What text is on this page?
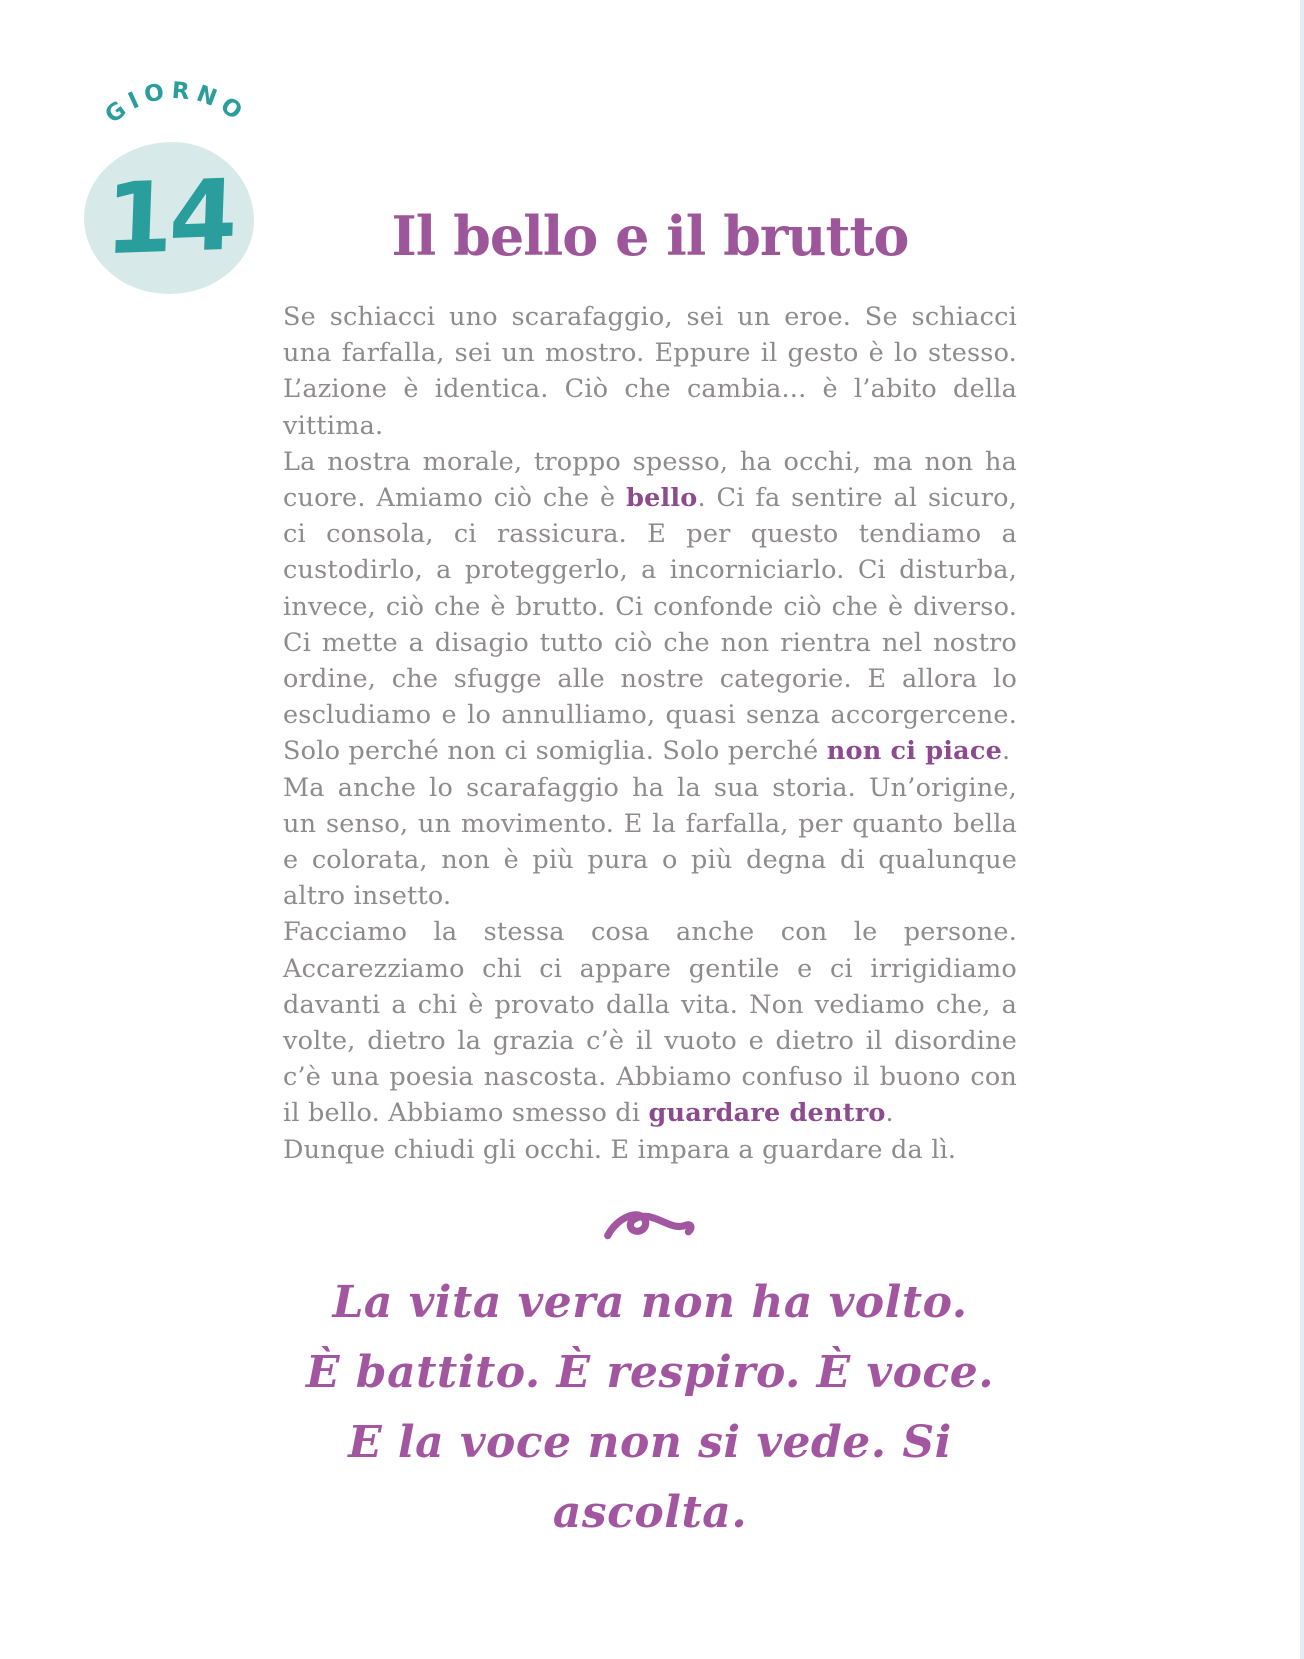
GIORNO
14	Il bello e il brutto

Se schiacci uno scarafaggio, sei un eroe. Se schiacci una farfalla, sei un mostro. Eppure il gesto è lo stesso. L’azione è identica. Ciò che cambia... è l’abito della vittima.

La nostra morale, troppo spesso, ha occhi, ma non ha cuore. Amiamo ciò che è bello. Ci fa sentire al sicuro, ci consola, ci rassicura. E per questo tendiamo a custodirlo, a proteggerlo, a incorniciarlo. Ci disturba, invece, ciò che è brutto. Ci confonde ciò che è diverso. Ci mette a disagio tutto ciò che non rientra nel nostro ordine, che sfugge alle nostre categorie. E allora lo escludiamo e lo annulliamo, quasi senza accorgercene. Solo perché non ci somiglia. Solo perché non ci piace.

Ma anche lo scarafaggio ha la sua storia. Un’origine, un senso, un movimento. E la farfalla, per quanto bella e colorata, non è più pura o più degna di qualunque altro insetto.

Facciamo la stessa cosa anche con le persone. Accarezziamo chi ci appare gentile e ci irrigidiamo davanti a chi è provato dalla vita. Non vediamo che, a volte, dietro la grazia c’è il vuoto e dietro il disordine c’è una poesia nascosta. Abbiamo confuso il buono con il bello. Abbiamo smesso di guardare dentro.

Dunque chiudi gli occhi. E impara a guardare da lì.

La vita vera non ha volto.
È battito. È respiro. È voce.
E la voce non si vede. Si ascolta.
